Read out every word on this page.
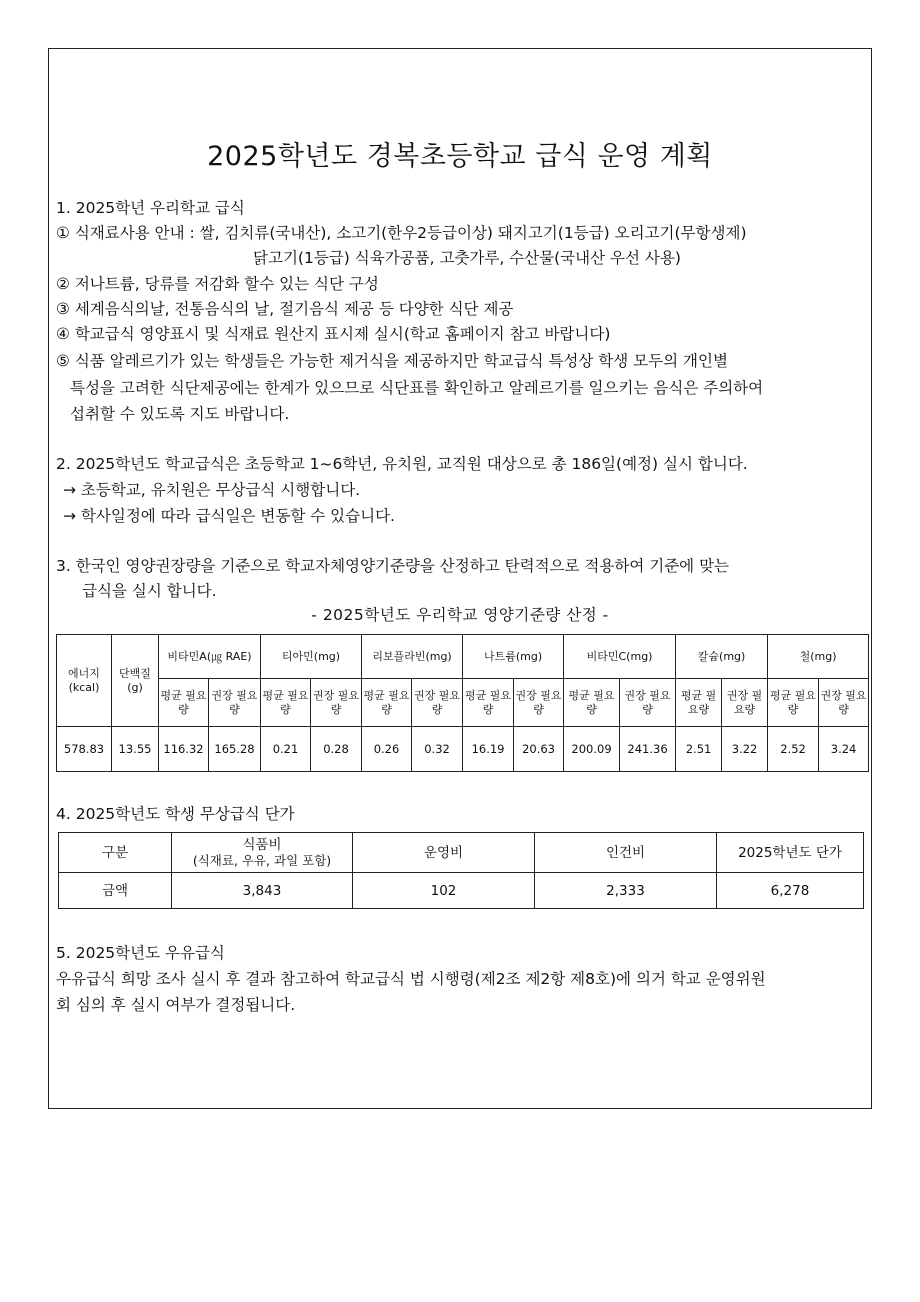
2025학년도 경복초등학교 급식 운영 계획
1. 2025학년 우리학교 급식
① 식재료사용 안내 : 쌀, 김치류(국내산), 소고기(한우2등급이상) 돼지고기(1등급) 오리고기(무항생제)
닭고기(1등급) 식육가공품, 고춧가루, 수산물(국내산 우선 사용)
② 저나트륨, 당류를 저감화 할수 있는 식단 구성
③ 세계음식의날, 전통음식의 날, 절기음식 제공 등 다양한 식단 제공
④ 학교급식 영양표시 및 식재료 원산지 표시제 실시(학교 홈페이지 참고 바랍니다)
⑤ 식품 알레르기가 있는 학생들은 가능한 제거식을 제공하지만 학교급식 특성상 학생 모두의 개인별
특성을 고려한 식단제공에는 한계가 있으므로 식단표를 확인하고 알레르기를 일으키는 음식은 주의하여
섭취할 수 있도록 지도 바랍니다.
2. 2025학년도 학교급식은 초등학교 1~6학년, 유치원, 교직원 대상으로 총 186일(예정) 실시 합니다.
→ 초등학교, 유치원은 무상급식 시행합니다.
→ 학사일정에 따라 급식일은 변동할 수 있습니다.
3. 한국인 영양권장량을 기준으로 학교자체영양기준량을 산정하고 탄력적으로 적용하여 기준에 맞는
급식을 실시 합니다.
- 2025학년도 우리학교 영양기준량 산정 -
에너지 (kcal)	단백질 (g)	비타민A(㎍ RAE)		티아민(mg)		리보플라빈(mg)		나트륨(mg)		비타민C(mg)		칼슘(mg)		철(mg)	
		평균 필요량	권장 필요량	평균 필요량	권장 필요량	평균 필요량	권장 필요량	평균 필요량	권장 필요량	평균 필요량	권장 필요량	평균 필요량	권장 필요량	평균 필요량	권장 필요량
578.83	13.55	116.32	165.28	0.21	0.28	0.26	0.32	16.19	20.63	200.09	241.36	2.51	3.22	2.52	3.24
4. 2025학년도 학생 무상급식 단가
구분	식품비
(식재료, 우유, 과일 포함)	운영비	인건비	2025학년도 단가
금액	3,843	102	2,333	6,278
5. 2025학년도 우유급식
우유급식 희망 조사 실시 후 결과 참고하여 학교급식 법 시행령(제2조 제2항 제8호)에 의거 학교 운영위원
회 심의 후 실시 여부가 결정됩니다.
